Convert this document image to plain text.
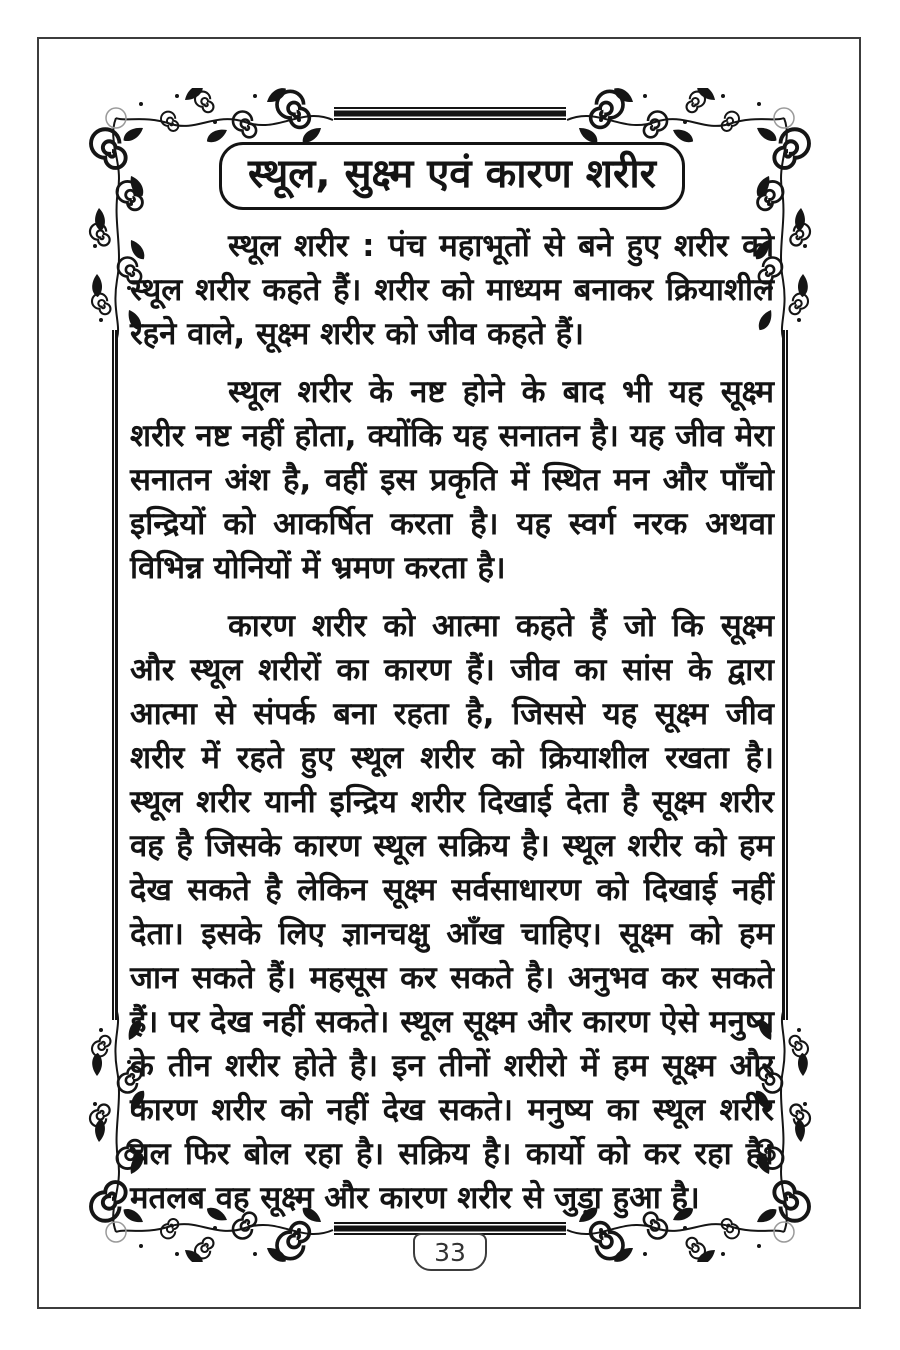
स्थूल, सुक्ष्म एवं कारण शरीर

स्थूल शरीर : पंच महाभूतों से बने हुए शरीर को स्थूल शरीर कहते हैं। शरीर को माध्यम बनाकर क्रियाशील रहने वाले, सूक्ष्म शरीर को जीव कहते हैं।

स्थूल शरीर के नष्ट होने के बाद भी यह सूक्ष्म शरीर नष्ट नहीं होता, क्योंकि यह सनातन है। यह जीव मेरा सनातन अंश है, वहीं इस प्रकृति में स्थित मन और पाँचो इन्द्रियों को आकर्षित करता है। यह स्वर्ग नरक अथवा विभिन्न योनियों में भ्रमण करता है।

कारण शरीर को आत्मा कहते हैं जो कि सूक्ष्म और स्थूल शरीरों का कारण हैं। जीव का सांस के द्वारा आत्मा से संपर्क बना रहता है, जिससे यह सूक्ष्म जीव शरीर में रहते हुए स्थूल शरीर को क्रियाशील रखता है। स्थूल शरीर यानी इन्द्रिय शरीर दिखाई देता है सूक्ष्म शरीर वह है जिसके कारण स्थूल सक्रिय है। स्थूल शरीर को हम देख सकते है लेकिन सूक्ष्म सर्वसाधारण को दिखाई नहीं देता। इसके लिए ज्ञानचक्षु आँख चाहिए। सूक्ष्म को हम जान सकते हैं। महसूस कर सकते है। अनुभव कर सकते हैं। पर देख नहीं सकते। स्थूल सूक्ष्म और कारण ऐसे मनुष्य के तीन शरीर होते है। इन तीनों शरीरो में हम सूक्ष्म और कारण शरीर को नहीं देख सकते। मनुष्य का स्थूल शरीर चल फिर बोल रहा है। सक्रिय है। कार्यो को कर रहा है। मतलब वह सूक्ष्म और कारण शरीर से जुड़ा हुआ है।

33
